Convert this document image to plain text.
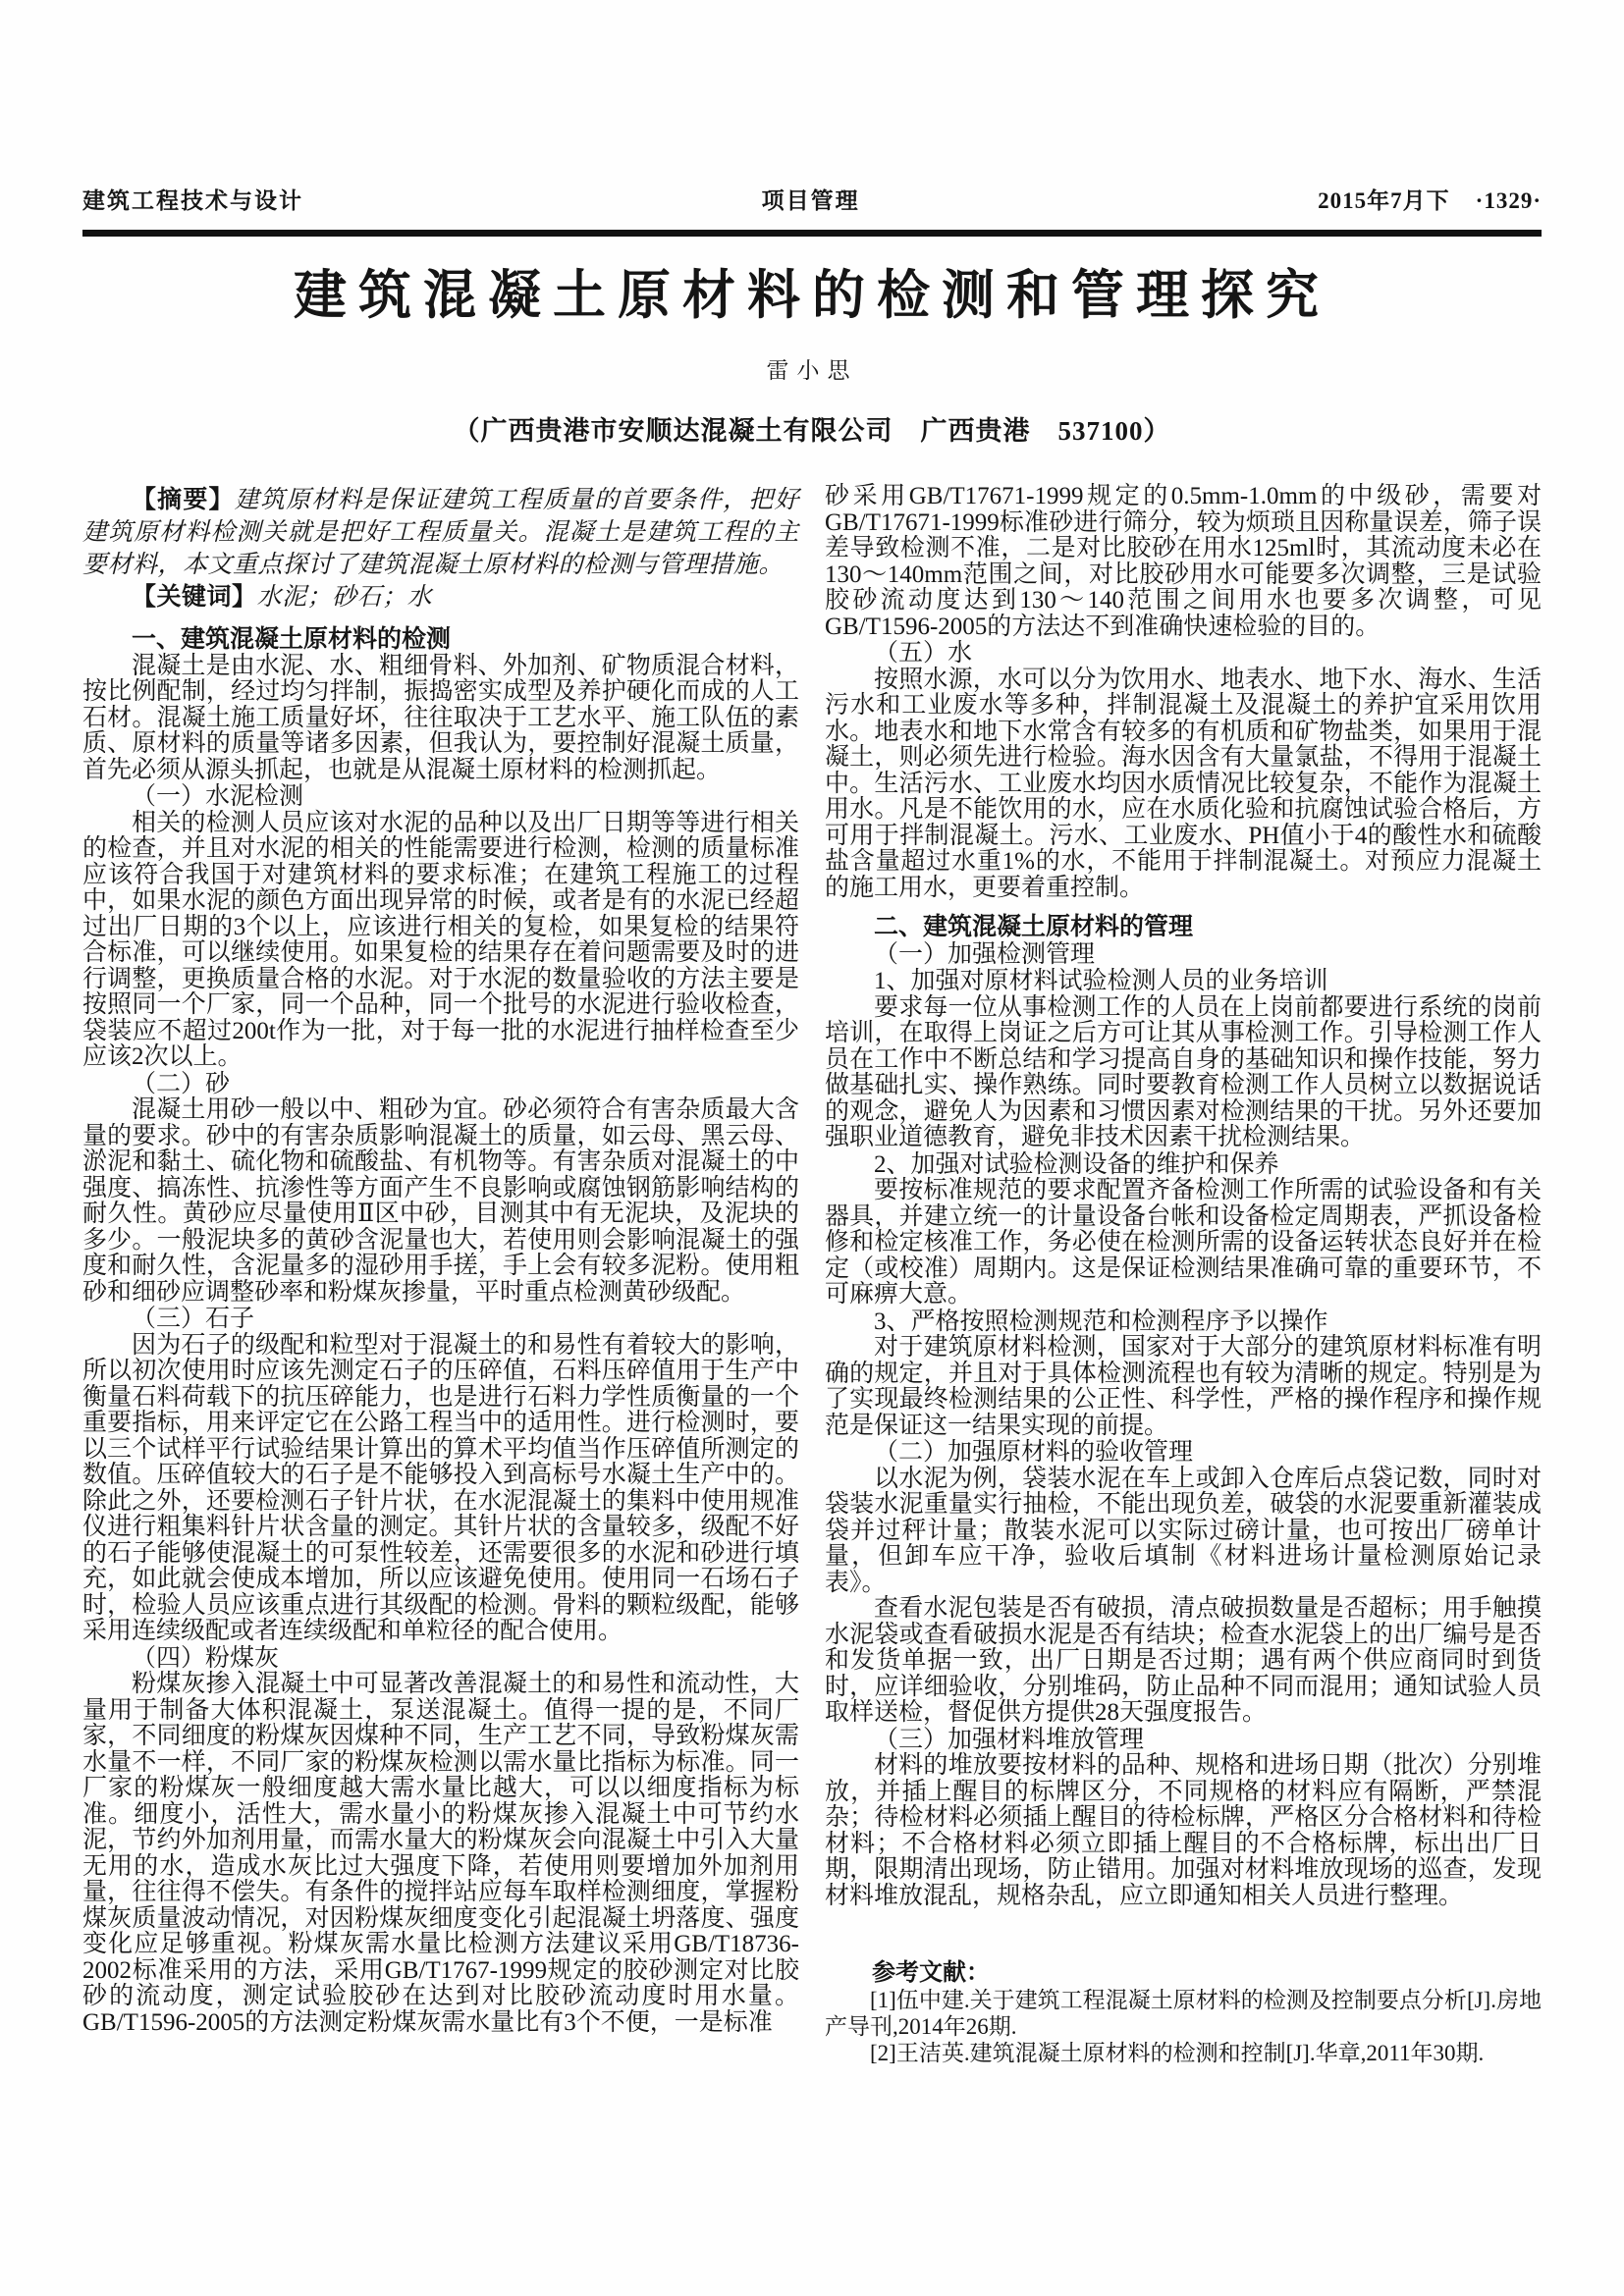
建筑工程技术与设计	项目管理	2015年7月下 ·1329·
建筑混凝土原材料的检测和管理探究
雷小思
（广西贵港市安顺达混凝土有限公司　广西贵港　537100）
【摘要】建筑原材料是保证建筑工程质量的首要条件，把好建筑原材料检测关就是把好工程质量关。混凝土是建筑工程的主要材料，本文重点探讨了建筑混凝土原材料的检测与管理措施。
【关键词】水泥；砂石；水
一、建筑混凝土原材料的检测
混凝土是由水泥、水、粗细骨料、外加剂、矿物质混合材料，按比例配制，经过均匀拌制，振捣密实成型及养护硬化而成的人工石材。混凝土施工质量好坏，往往取决于工艺水平、施工队伍的素质、原材料的质量等诸多因素，但我认为，要控制好混凝土质量，首先必须从源头抓起，也就是从混凝土原材料的检测抓起。
（一）水泥检测
相关的检测人员应该对水泥的品种以及出厂日期等等进行相关的检查，并且对水泥的相关的性能需要进行检测，检测的质量标准应该符合我国于对建筑材料的要求标准；在建筑工程施工的过程中，如果水泥的颜色方面出现异常的时候，或者是有的水泥已经超过出厂日期的3个以上，应该进行相关的复检，如果复检的结果符合标准，可以继续使用。如果复检的结果存在着问题需要及时的进行调整，更换质量合格的水泥。对于水泥的数量验收的方法主要是按照同一个厂家，同一个品种，同一个批号的水泥进行验收检查，袋装应不超过200t作为一批，对于每一批的水泥进行抽样检查至少应该2次以上。
（二）砂
混凝土用砂一般以中、粗砂为宜。砂必须符合有害杂质最大含量的要求。砂中的有害杂质影响混凝土的质量，如云母、黑云母、淤泥和黏土、硫化物和硫酸盐、有机物等。有害杂质对混凝土的中强度、搞冻性、抗渗性等方面产生不良影响或腐蚀钢筋影响结构的耐久性。黄砂应尽量使用Ⅱ区中砂，目测其中有无泥块，及泥块的多少。一般泥块多的黄砂含泥量也大，若使用则会影响混凝土的强度和耐久性，含泥量多的湿砂用手搓，手上会有较多泥粉。使用粗砂和细砂应调整砂率和粉煤灰掺量，平时重点检测黄砂级配。
（三）石子
因为石子的级配和粒型对于混凝土的和易性有着较大的影响，所以初次使用时应该先测定石子的压碎值，石料压碎值用于生产中衡量石料荷载下的抗压碎能力，也是进行石料力学性质衡量的一个重要指标，用来评定它在公路工程当中的适用性。进行检测时，要以三个试样平行试验结果计算出的算术平均值当作压碎值所测定的数值。压碎值较大的石子是不能够投入到高标号水凝土生产中的。除此之外，还要检测石子针片状，在水泥混凝土的集料中使用规准仪进行粗集料针片状含量的测定。其针片状的含量较多，级配不好的石子能够使混凝土的可泵性较差，还需要很多的水泥和砂进行填充，如此就会使成本增加，所以应该避免使用。使用同一石场石子时，检验人员应该重点进行其级配的检测。骨料的颗粒级配，能够采用连续级配或者连续级配和单粒径的配合使用。
（四）粉煤灰
粉煤灰掺入混凝土中可显著改善混凝土的和易性和流动性，大量用于制备大体积混凝土，泵送混凝土。值得一提的是，不同厂家，不同细度的粉煤灰因煤种不同，生产工艺不同，导致粉煤灰需水量不一样，不同厂家的粉煤灰检测以需水量比指标为标准。同一厂家的粉煤灰一般细度越大需水量比越大，可以以细度指标为标准。细度小，活性大，需水量小的粉煤灰掺入混凝土中可节约水泥，节约外加剂用量，而需水量大的粉煤灰会向混凝土中引入大量无用的水，造成水灰比过大强度下降，若使用则要增加外加剂用量，往往得不偿失。有条件的搅拌站应每车取样检测细度，掌握粉煤灰质量波动情况，对因粉煤灰细度变化引起混凝土坍落度、强度变化应足够重视。粉煤灰需水量比检测方法建议采用GB/T18736-2002标准采用的方法，采用GB/T1767-1999规定的胶砂测定对比胶砂的流动度，测定试验胶砂在达到对比胶砂流动度时用水量。GB/T1596-2005的方法测定粉煤灰需水量比有3个不便，一是标准
砂采用GB/T17671-1999规定的0.5mm-1.0mm的中级砂，需要对GB/T17671-1999标准砂进行筛分，较为烦琐且因称量误差，筛子误差导致检测不准，二是对比胶砂在用水125ml时，其流动度未必在130～140mm范围之间，对比胶砂用水可能要多次调整，三是试验胶砂流动度达到130～140范围之间用水也要多次调整，可见GB/T1596-2005的方法达不到准确快速检验的目的。
（五）水
按照水源，水可以分为饮用水、地表水、地下水、海水、生活污水和工业废水等多种，拌制混凝土及混凝土的养护宜采用饮用水。地表水和地下水常含有较多的有机质和矿物盐类，如果用于混凝土，则必须先进行检验。海水因含有大量氯盐，不得用于混凝土中。生活污水、工业废水均因水质情况比较复杂，不能作为混凝土用水。凡是不能饮用的水，应在水质化验和抗腐蚀试验合格后，方可用于拌制混凝土。污水、工业废水、PH值小于4的酸性水和硫酸盐含量超过水重1%的水，不能用于拌制混凝土。对预应力混凝土的施工用水，更要着重控制。
二、建筑混凝土原材料的管理
（一）加强检测管理
1、加强对原材料试验检测人员的业务培训
要求每一位从事检测工作的人员在上岗前都要进行系统的岗前培训，在取得上岗证之后方可让其从事检测工作。引导检测工作人员在工作中不断总结和学习提高自身的基础知识和操作技能，努力做基础扎实、操作熟练。同时要教育检测工作人员树立以数据说话的观念，避免人为因素和习惯因素对检测结果的干扰。另外还要加强职业道德教育，避免非技术因素干扰检测结果。
2、加强对试验检测设备的维护和保养
要按标准规范的要求配置齐备检测工作所需的试验设备和有关器具，并建立统一的计量设备台帐和设备检定周期表，严抓设备检修和检定核准工作，务必使在检测所需的设备运转状态良好并在检定（或校准）周期内。这是保证检测结果准确可靠的重要环节，不可麻痹大意。
3、严格按照检测规范和检测程序予以操作
对于建筑原材料检测，国家对于大部分的建筑原材料标准有明确的规定，并且对于具体检测流程也有较为清晰的规定。特别是为了实现最终检测结果的公正性、科学性，严格的操作程序和操作规范是保证这一结果实现的前提。
（二）加强原材料的验收管理
以水泥为例，袋装水泥在车上或卸入仓库后点袋记数，同时对袋装水泥重量实行抽检，不能出现负差，破袋的水泥要重新灌装成袋并过秤计量；散装水泥可以实际过磅计量，也可按出厂磅单计量，但卸车应干净，验收后填制《材料进场计量检测原始记录表》。
查看水泥包装是否有破损，清点破损数量是否超标；用手触摸水泥袋或查看破损水泥是否有结块；检查水泥袋上的出厂编号是否和发货单据一致，出厂日期是否过期；遇有两个供应商同时到货时，应详细验收，分别堆码，防止品种不同而混用；通知试验人员取样送检，督促供方提供28天强度报告。
（三）加强材料堆放管理
材料的堆放要按材料的品种、规格和进场日期（批次）分别堆放，并插上醒目的标牌区分，不同规格的材料应有隔断，严禁混杂；待检材料必须插上醒目的待检标牌，严格区分合格材料和待检材料；不合格材料必须立即插上醒目的不合格标牌，标出出厂日期，限期清出现场，防止错用。加强对材料堆放现场的巡查，发现材料堆放混乱，规格杂乱，应立即通知相关人员进行整理。
参考文献：
[1]伍中建.关于建筑工程混凝土原材料的检测及控制要点分析[J].房地产导刊,2014年26期.
[2]王洁英.建筑混凝土原材料的检测和控制[J].华章,2011年30期.
